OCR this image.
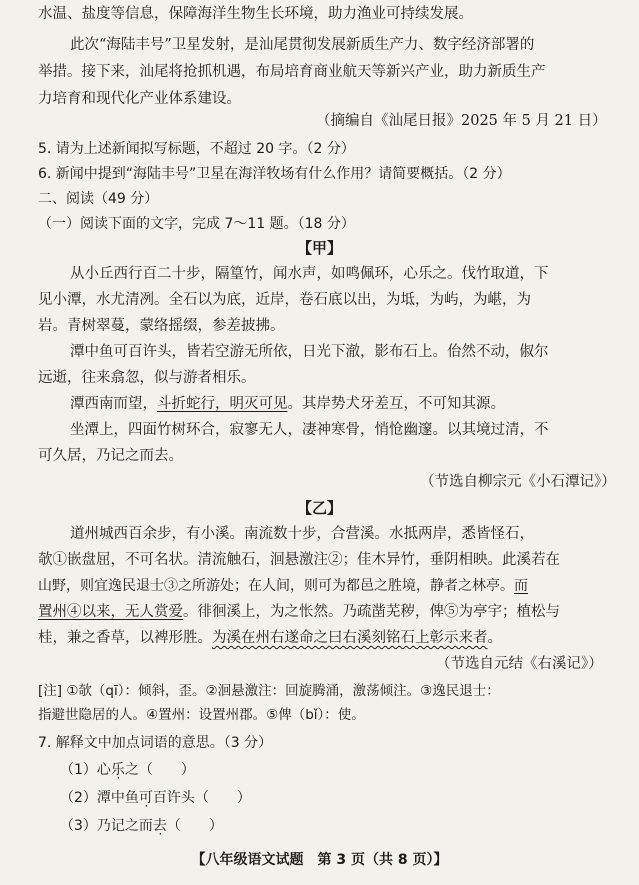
水温、盐度等信息，保障海洋生物生长环境，助力渔业可持续发展。
此次“海陆丰号”卫星发射，是汕尾贯彻发展新质生产力、数字经济部署的
举措。接下来，汕尾将抢抓机遇，布局培育商业航天等新兴产业，助力新质生产
力培育和现代化产业体系建设。
（摘编自《汕尾日报》2025 年 5 月 21 日）
5. 请为上述新闻拟写标题，不超过 20 字。（2 分）
6. 新闻中提到“海陆丰号”卫星在海洋牧场有什么作用？请简要概括。（2 分）
二、阅读（49 分）
（一）阅读下面的文字，完成 7～11 题。（18 分）
【甲】
从小丘西行百二十步，隔篁竹，闻水声，如鸣佩环，心乐之。伐竹取道，下
见小潭，水尤清冽。全石以为底，近岸，卷石底以出，为坻，为屿，为嵁，为
岩。青树翠蔓，蒙络摇缀，参差披拂。
潭中鱼可百许头，皆若空游无所依，日光下澈，影布石上。佁然不动，俶尔
远逝，往来翕忽，似与游者相乐。
潭西南而望，斗折蛇行，明灭可见。其岸势犬牙差互，不可知其源。
坐潭上，四面竹树环合，寂寥无人，凄神寒骨，悄怆幽邃。以其境过清，不
可久居，乃记之而去。
（节选自柳宗元《小石潭记》）
【乙】
道州城西百余步，有小溪。南流数十步，合营溪。水抵两岸，悉皆怪石，
欹①嵌盘屈，不可名状。清流触石，洄悬激注②；佳木异竹，垂阴相映。此溪若在
山野，则宜逸民退士③之所游处；在人间，则可为都邑之胜境，静者之林亭。而
置州④以来，无人赏爱。徘徊溪上，为之怅然。乃疏凿芜秽，俾⑤为亭宇；植松与
桂，兼之香草，以裨形胜。为溪在州右遂命之曰右溪刻铭石上彰示来者。
（节选自元结《右溪记》）
[注] ①欹（qī）：倾斜，歪。②洄悬激注：回旋腾涌，激荡倾注。③逸民退士：
指避世隐居的人。④置州：设置州郡。⑤俾（bǐ）：使。
7. 解释文中加点词语的意思。（3 分）
（1）心乐之（　　）
（2）潭中鱼可百许头（　　）
（3）乃记之而去（　　）
【八年级语文试题　第 3 页（共 8 页）】
